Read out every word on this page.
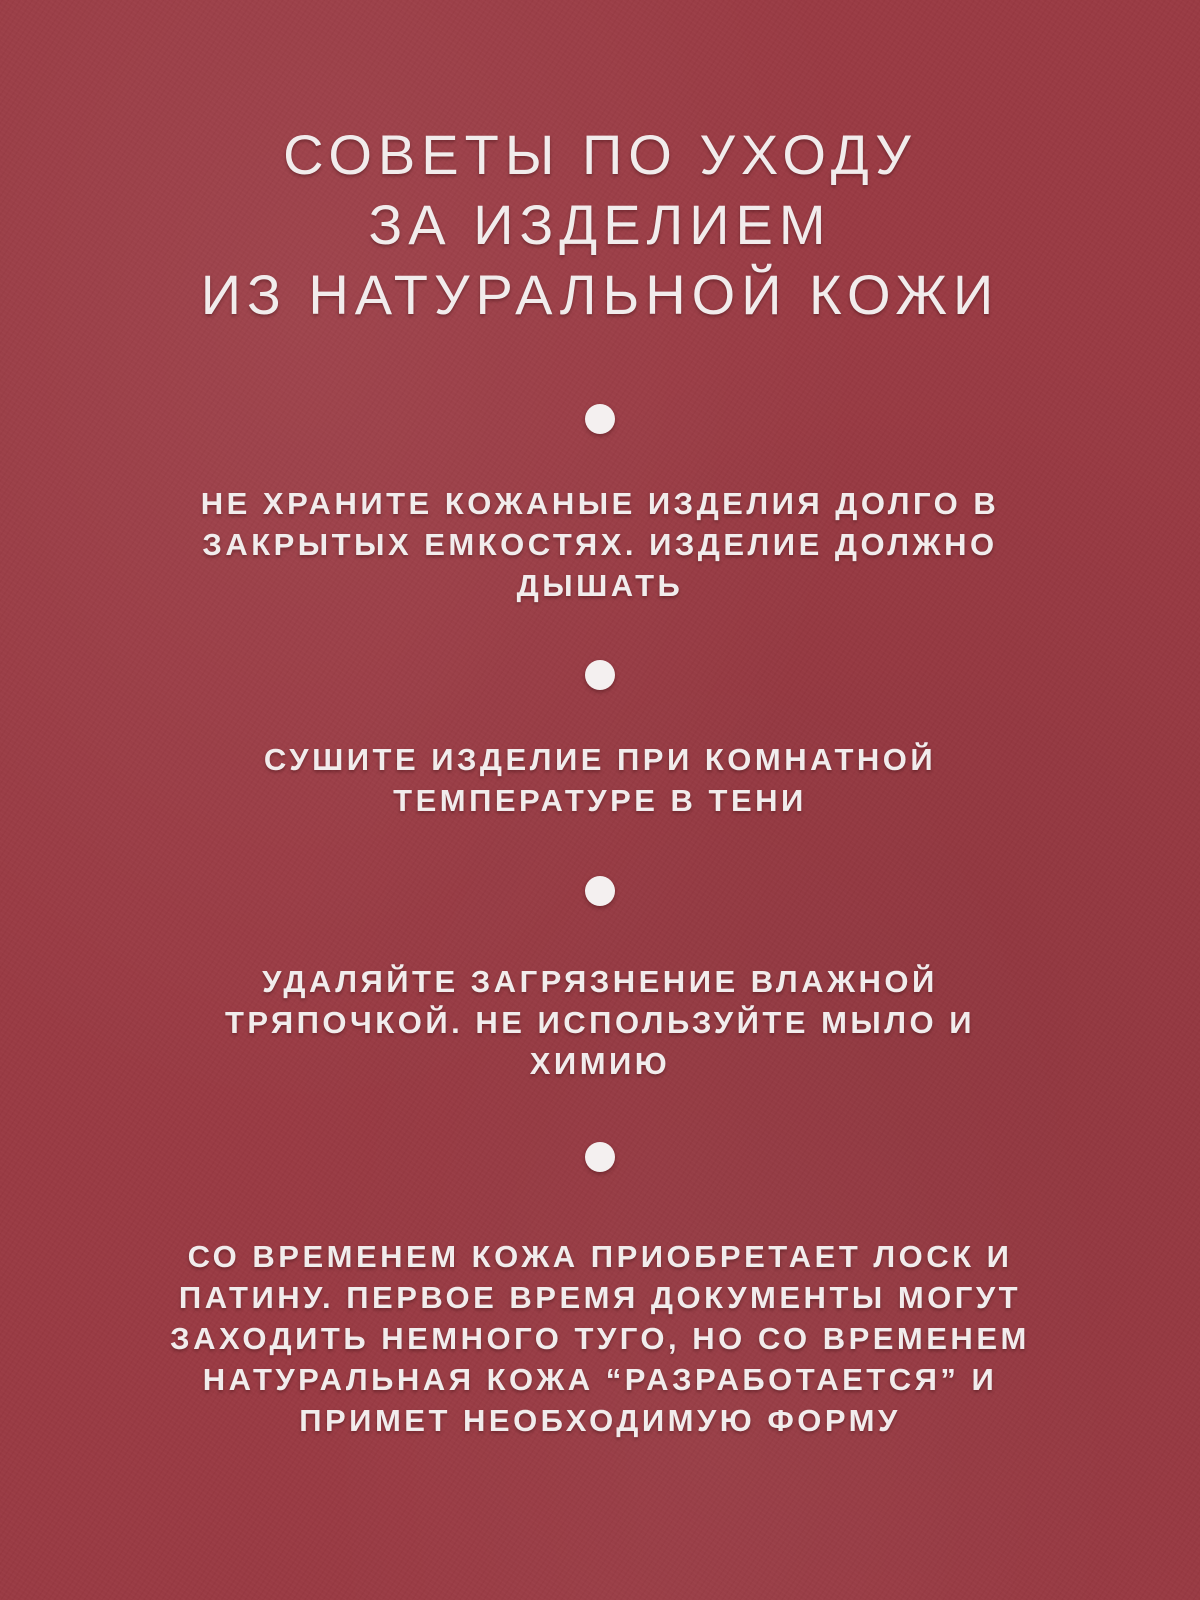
СОВЕТЫ ПО УХОДУ
ЗА ИЗДЕЛИЕМ
ИЗ НАТУРАЛЬНОЙ КОЖИ

НЕ ХРАНИТЕ КОЖАНЫЕ ИЗДЕЛИЯ ДОЛГО В
ЗАКРЫТЫХ ЕМКОСТЯХ. ИЗДЕЛИЕ ДОЛЖНО
ДЫШАТЬ

СУШИТЕ ИЗДЕЛИЕ ПРИ КОМНАТНОЙ
ТЕМПЕРАТУРЕ В ТЕНИ

УДАЛЯЙТЕ ЗАГРЯЗНЕНИЕ ВЛАЖНОЙ
ТРЯПОЧКОЙ. НЕ ИСПОЛЬЗУЙТЕ МЫЛО И
ХИМИЮ

СО ВРЕМЕНЕМ КОЖА ПРИОБРЕТАЕТ ЛОСК И
ПАТИНУ. ПЕРВОЕ ВРЕМЯ ДОКУМЕНТЫ МОГУТ
ЗАХОДИТЬ НЕМНОГО ТУГО, НО СО ВРЕМЕНЕМ
НАТУРАЛЬНАЯ КОЖА “РАЗРАБОТАЕТСЯ” И
ПРИМЕТ НЕОБХОДИМУЮ ФОРМУ
